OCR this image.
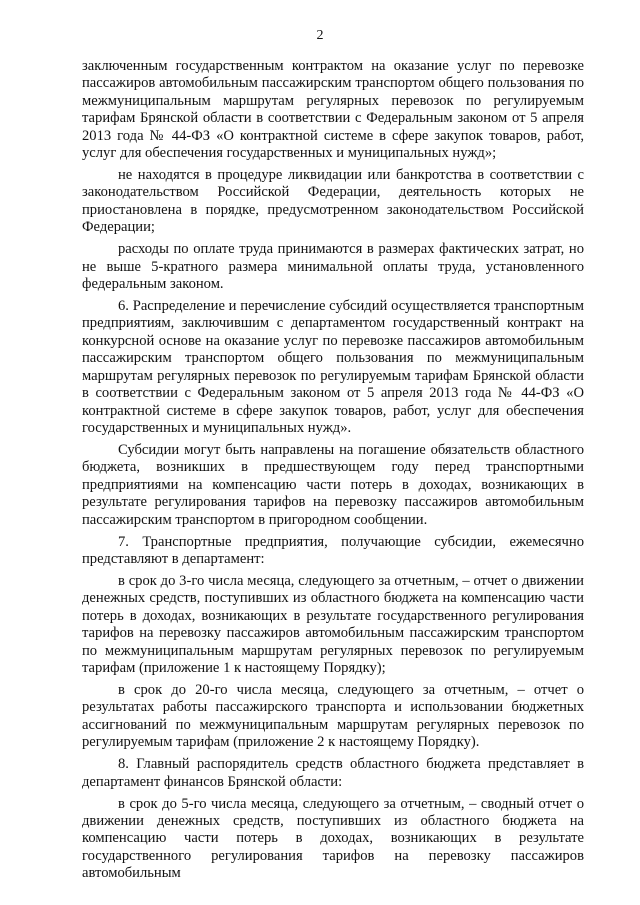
2

заключенным государственным контрактом на оказание услуг по перевозке пассажиров автомобильным пассажирским транспортом общего пользования по межмуниципальным маршрутам регулярных перевозок по регулируемым тарифам Брянской области в соответствии с Федеральным законом от 5 апреля 2013 года № 44-ФЗ «О контрактной системе в сфере закупок товаров, работ, услуг для обеспечения государственных и муниципальных нужд»;

не находятся в процедуре ликвидации или банкротства в соответствии с законодательством Российской Федерации, деятельность которых не приостановлена в порядке, предусмотренном законодательством Российской Федерации;

расходы по оплате труда принимаются в размерах фактических затрат, но не выше 5-кратного размера минимальной оплаты труда, установленного федеральным законом.

6. Распределение и перечисление субсидий осуществляется транспортным предприятиям, заключившим с департаментом государственный контракт на конкурсной основе на оказание услуг по перевозке пассажиров автомобильным пассажирским транспортом общего пользования по межмуниципальным маршрутам регулярных перевозок по регулируемым тарифам Брянской области в соответствии с Федеральным законом от 5 апреля 2013 года № 44-ФЗ «О контрактной системе в сфере закупок товаров, работ, услуг для обеспечения государственных и муниципальных нужд».

Субсидии могут быть направлены на погашение обязательств областного бюджета, возникших в предшествующем году перед транспортными предприятиями на компенсацию части потерь в доходах, возникающих в результате регулирования тарифов на перевозку пассажиров автомобильным пассажирским транспортом в пригородном сообщении.

7. Транспортные предприятия, получающие субсидии, ежемесячно представляют в департамент:

в срок до 3-го числа месяца, следующего за отчетным, – отчет о движении денежных средств, поступивших из областного бюджета на компенсацию части потерь в доходах, возникающих в результате государственного регулирования тарифов на перевозку пассажиров автомобильным пассажирским транспортом по межмуниципальным маршрутам регулярных перевозок по регулируемым тарифам (приложение 1 к настоящему Порядку);

в срок до 20-го числа месяца, следующего за отчетным, – отчет о результатах работы пассажирского транспорта и использовании бюджетных ассигнований по межмуниципальным маршрутам регулярных перевозок по регулируемым тарифам (приложение 2 к настоящему Порядку).

8. Главный распорядитель средств областного бюджета представляет в департамент финансов Брянской области:

в срок до 5-го числа месяца, следующего за отчетным, – сводный отчет о движении денежных средств, поступивших из областного бюджета на компенсацию части потерь в доходах, возникающих в результате государственного регулирования тарифов на перевозку пассажиров автомобильным
